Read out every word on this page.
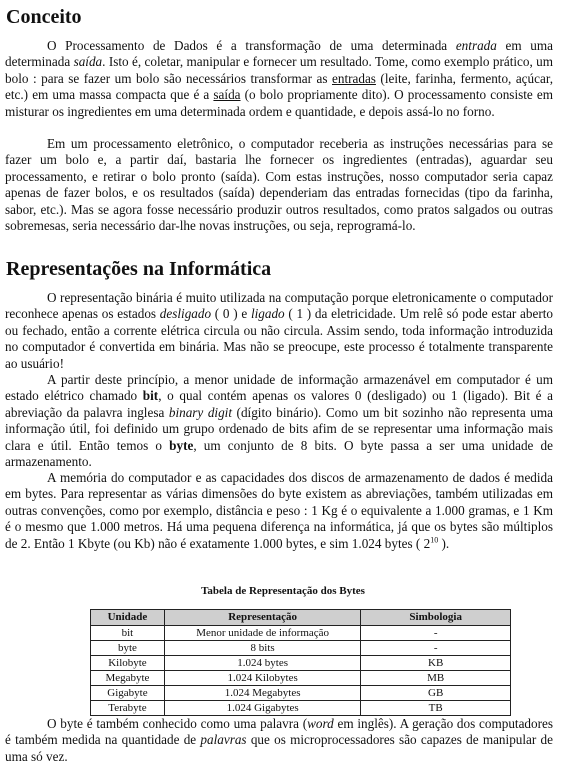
Conceito

O Processamento de Dados é a transformação de uma determinada entrada em uma determinada saída. Isto é, coletar, manipular e fornecer um resultado. Tome, como exemplo prático, um bolo : para se fazer um bolo são necessários transformar as entradas (leite, farinha, fermento, açúcar, etc.) em uma massa compacta que é a saída (o bolo propriamente dito). O processamento consiste em misturar os ingredientes em uma determinada ordem e quantidade, e depois assá-lo no forno.

Em um processamento eletrônico, o computador receberia as instruções necessárias para se fazer um bolo e, a partir daí, bastaria lhe fornecer os ingredientes (entradas), aguardar seu processamento, e retirar o bolo pronto (saída). Com estas instruções, nosso computador seria capaz apenas de fazer bolos, e os resultados (saída) dependeriam das entradas fornecidas (tipo da farinha, sabor, etc.). Mas se agora fosse necessário produzir outros resultados, como pratos salgados ou outras sobremesas, seria necessário dar-lhe novas instruções, ou seja, reprogramá-lo.

Representações na Informática

O representação binária é muito utilizada na computação porque eletronicamente o computador reconhece apenas os estados desligado ( 0 ) e ligado ( 1 ) da eletricidade. Um relê só pode estar aberto ou fechado, então a corrente elétrica circula ou não circula. Assim sendo, toda informação introduzida no computador é convertida em binária. Mas não se preocupe, este processo é totalmente transparente ao usuário!

A partir deste princípio, a menor unidade de informação armazenável em computador é um estado elétrico chamado bit, o qual contém apenas os valores 0 (desligado) ou 1 (ligado). Bit é a abreviação da palavra inglesa binary digit (dígito binário). Como um bit sozinho não representa uma informação útil, foi definido um grupo ordenado de bits afim de se representar uma informação mais clara e útil. Então temos o byte, um conjunto de 8 bits. O byte passa a ser uma unidade de armazenamento.

A memória do computador e as capacidades dos discos de armazenamento de dados é medida em bytes. Para representar as várias dimensões do byte existem as abreviações, também utilizadas em outras convenções, como por exemplo, distância e peso : 1 Kg é o equivalente a 1.000 gramas, e 1 Km é o mesmo que 1.000 metros. Há uma pequena diferença na informática, já que os bytes são múltiplos de 2. Então 1 Kbyte (ou Kb) não é exatamente 1.000 bytes, e sim 1.024 bytes ( $2^{10}$ ).

Tabela de Representação dos Bytes

Unidade	Representação	Simbologia
bit	Menor unidade de informação	-
byte	8 bits	-
Kilobyte	1.024 bytes	KB
Megabyte	1.024 Kilobytes	MB
Gigabyte	1.024 Megabytes	GB
Terabyte	1.024 Gigabytes	TB

O byte é também conhecido como uma palavra (word em inglês). A geração dos computadores é também medida na quantidade de palavras que os microprocessadores são capazes de manipular de uma só vez.
